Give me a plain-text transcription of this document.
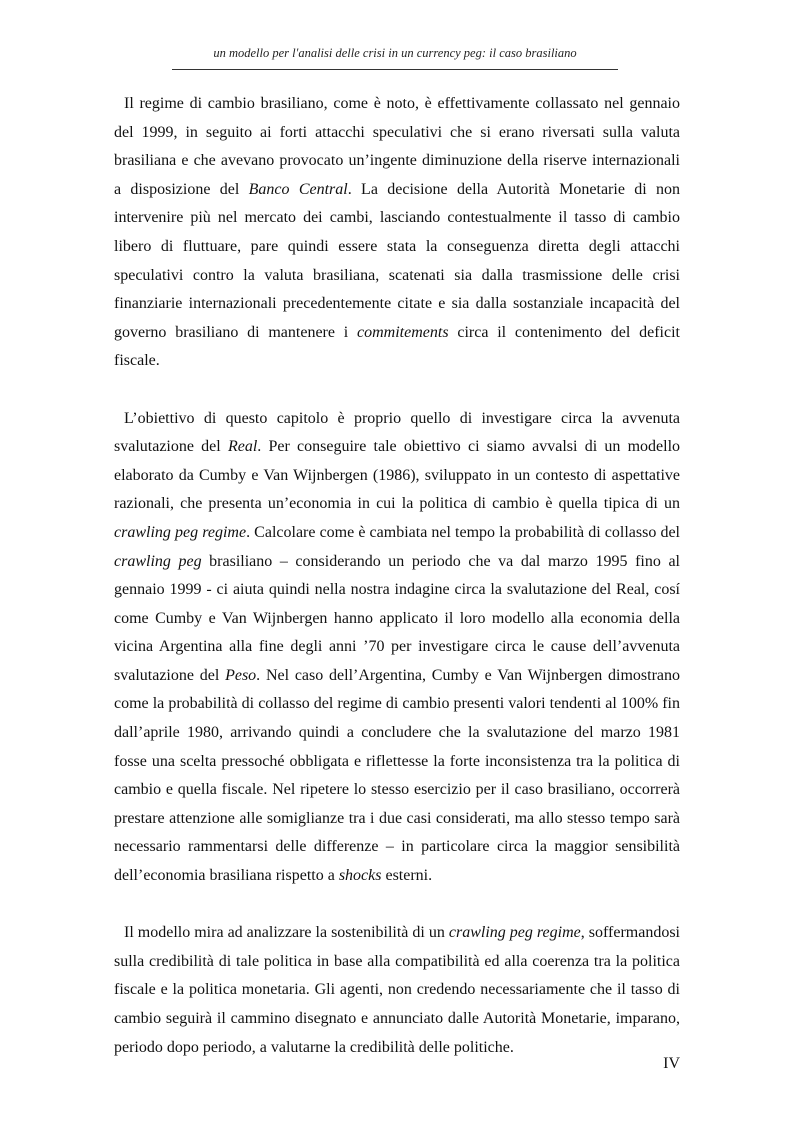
un modello per l'analisi delle crisi in un currency peg: il caso brasiliano

Il regime di cambio brasiliano, come è noto, è effettivamente collassato nel gennaio del 1999, in seguito ai forti attacchi speculativi che si erano riversati sulla valuta brasiliana e che avevano provocato un’ingente diminuzione della riserve internazionali a disposizione del Banco Central. La decisione della Autorità Monetarie di non intervenire più nel mercato dei cambi, lasciando contestualmente il tasso di cambio libero di fluttuare, pare quindi essere stata la conseguenza diretta degli attacchi speculativi contro la valuta brasiliana, scatenati sia dalla trasmissione delle crisi finanziarie internazionali precedentemente citate e sia dalla sostanziale incapacità del governo brasiliano di mantenere i commitements circa il contenimento del deficit fiscale.

L’obiettivo di questo capitolo è proprio quello di investigare circa la avvenuta svalutazione del Real. Per conseguire tale obiettivo ci siamo avvalsi di un modello elaborato da Cumby e Van Wijnbergen (1986), sviluppato in un contesto di aspettative razionali, che presenta un’economia in cui la politica di cambio è quella tipica di un crawling peg regime. Calcolare come è cambiata nel tempo la probabilità di collasso del crawling peg brasiliano – considerando un periodo che va dal marzo 1995 fino al gennaio 1999 - ci aiuta quindi nella nostra indagine circa la svalutazione del Real, cosí come Cumby e Van Wijnbergen hanno applicato il loro modello alla economia della vicina Argentina alla fine degli anni ’70 per investigare circa le cause dell’avvenuta svalutazione del Peso. Nel caso dell’Argentina, Cumby e Van Wijnbergen dimostrano come la probabilità di collasso del regime di cambio presenti valori tendenti al 100% fin dall’aprile 1980, arrivando quindi a concludere che la svalutazione del marzo 1981 fosse una scelta pressoché obbligata e riflettesse la forte inconsistenza tra la politica di cambio e quella fiscale. Nel ripetere lo stesso esercizio per il caso brasiliano, occorrerà prestare attenzione alle somiglianze tra i due casi considerati, ma allo stesso tempo sarà necessario rammentarsi delle differenze – in particolare circa la maggior sensibilità dell’economia brasiliana rispetto a shocks esterni.

Il modello mira ad analizzare la sostenibilità di un crawling peg regime, soffermandosi sulla credibilità di tale politica in base alla compatibilità ed alla coerenza tra la politica fiscale e la politica monetaria. Gli agenti, non credendo necessariamente che il tasso di cambio seguirà il cammino disegnato e annunciato dalle Autorità Monetarie, imparano, periodo dopo periodo, a valutarne la credibilità delle politiche.

IV
